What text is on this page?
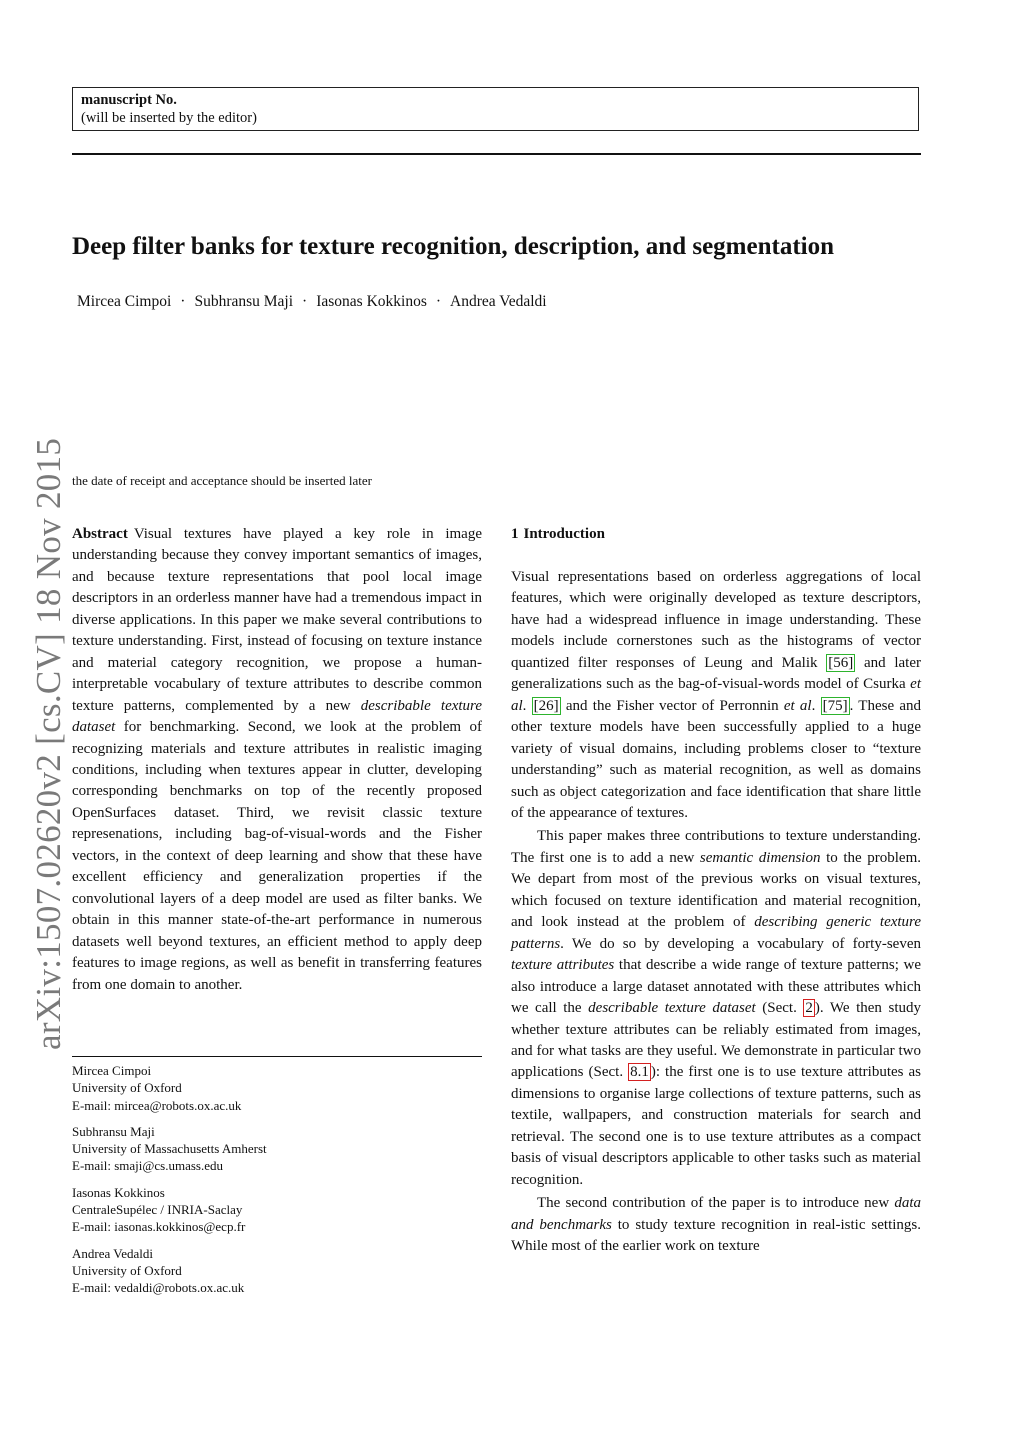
manuscript No.
(will be inserted by the editor)
Deep filter banks for texture recognition, description, and segmentation
Mircea Cimpoi · Subhransu Maji · Iasonas Kokkinos · Andrea Vedaldi
arXiv:1507.02620v2 [cs.CV] 18 Nov 2015 the date of receipt and acceptance should be inserted later

Abstract Visual textures have played a key role in image understanding because they convey important semantics of images, and because texture representations that pool local image descriptors in an orderless manner have had a tremendous impact in diverse applications. In this paper we make several contributions to texture understanding. First, instead of focusing on texture instance and material category recognition, we propose a human-interpretable vocabulary of texture attributes to describe common texture patterns, complemented by a new describable texture dataset for benchmarking. Second, we look at the problem of recognizing materials and texture attributes in realistic imaging conditions, including when textures appear in clutter, developing corresponding benchmarks on top of the recently proposed OpenSurfaces dataset. Third, we revisit classic texture represenations, including bag-of-visual-words and the Fisher vectors, in the context of deep learning and show that these have excellent efficiency and generalization properties if the convolutional layers of a deep model are used as filter banks. We obtain in this manner state-of-the-art performance in numerous datasets well beyond textures, an efficient method to apply deep features to image regions, as well as benefit in transferring features from one domain to another.

Mircea Cimpoi
University of Oxford
E-mail: mircea@robots.ox.ac.uk
Subhransu Maji
University of Massachusetts Amherst
E-mail: smaji@cs.umass.edu
Iasonas Kokkinos
CentraleSupélec / INRIA-Saclay
E-mail: iasonas.kokkinos@ecp.fr
Andrea Vedaldi
University of Oxford
E-mail: vedaldi@robots.ox.ac.uk
1 Introduction

Visual representations based on orderless aggregations of local features, which were originally developed as texture descriptors, have had a widespread influence in image understanding. These models include cornerstones such as the histograms of vector quantized filter responses of Leung and Malik [56] and later generalizations such as the bag-of-visual-words model of Csurka et al. [26] and the Fisher vector of Perronnin et al. [75] . These and other texture models have been successfully applied to a huge variety of visual domains, including problems closer to “texture understanding” such as material recognition, as well as domains such as object categorization and face identification that share little of the appearance of textures.

This paper makes three contributions to texture understanding. The first one is to add a new semantic dimension to the problem. We depart from most of the previous works on visual textures, which focused on texture identification and material recognition, and look instead at the problem of describing generic texture patterns. We do so by developing a vocabulary of forty-seven texture attributes that describe a wide range of texture patterns; we also introduce a large dataset annotated with these attributes which we call the describable texture dataset (Sect. 2 ). We then study whether texture attributes can be reliably estimated from images, and for what tasks are they useful. We demonstrate in particular two applications (Sect. 8.1 ): the first one is to use texture attributes as dimensions to organise large collections of texture patterns, such as textile, wallpapers, and construction materials for search and retrieval. The second one is to use texture attributes as a compact basis of visual descriptors applicable to other tasks such as material recognition.

The second contribution of the paper is to introduce new data and benchmarks to study texture recognition in real-istic settings. While most of the earlier work on texture
